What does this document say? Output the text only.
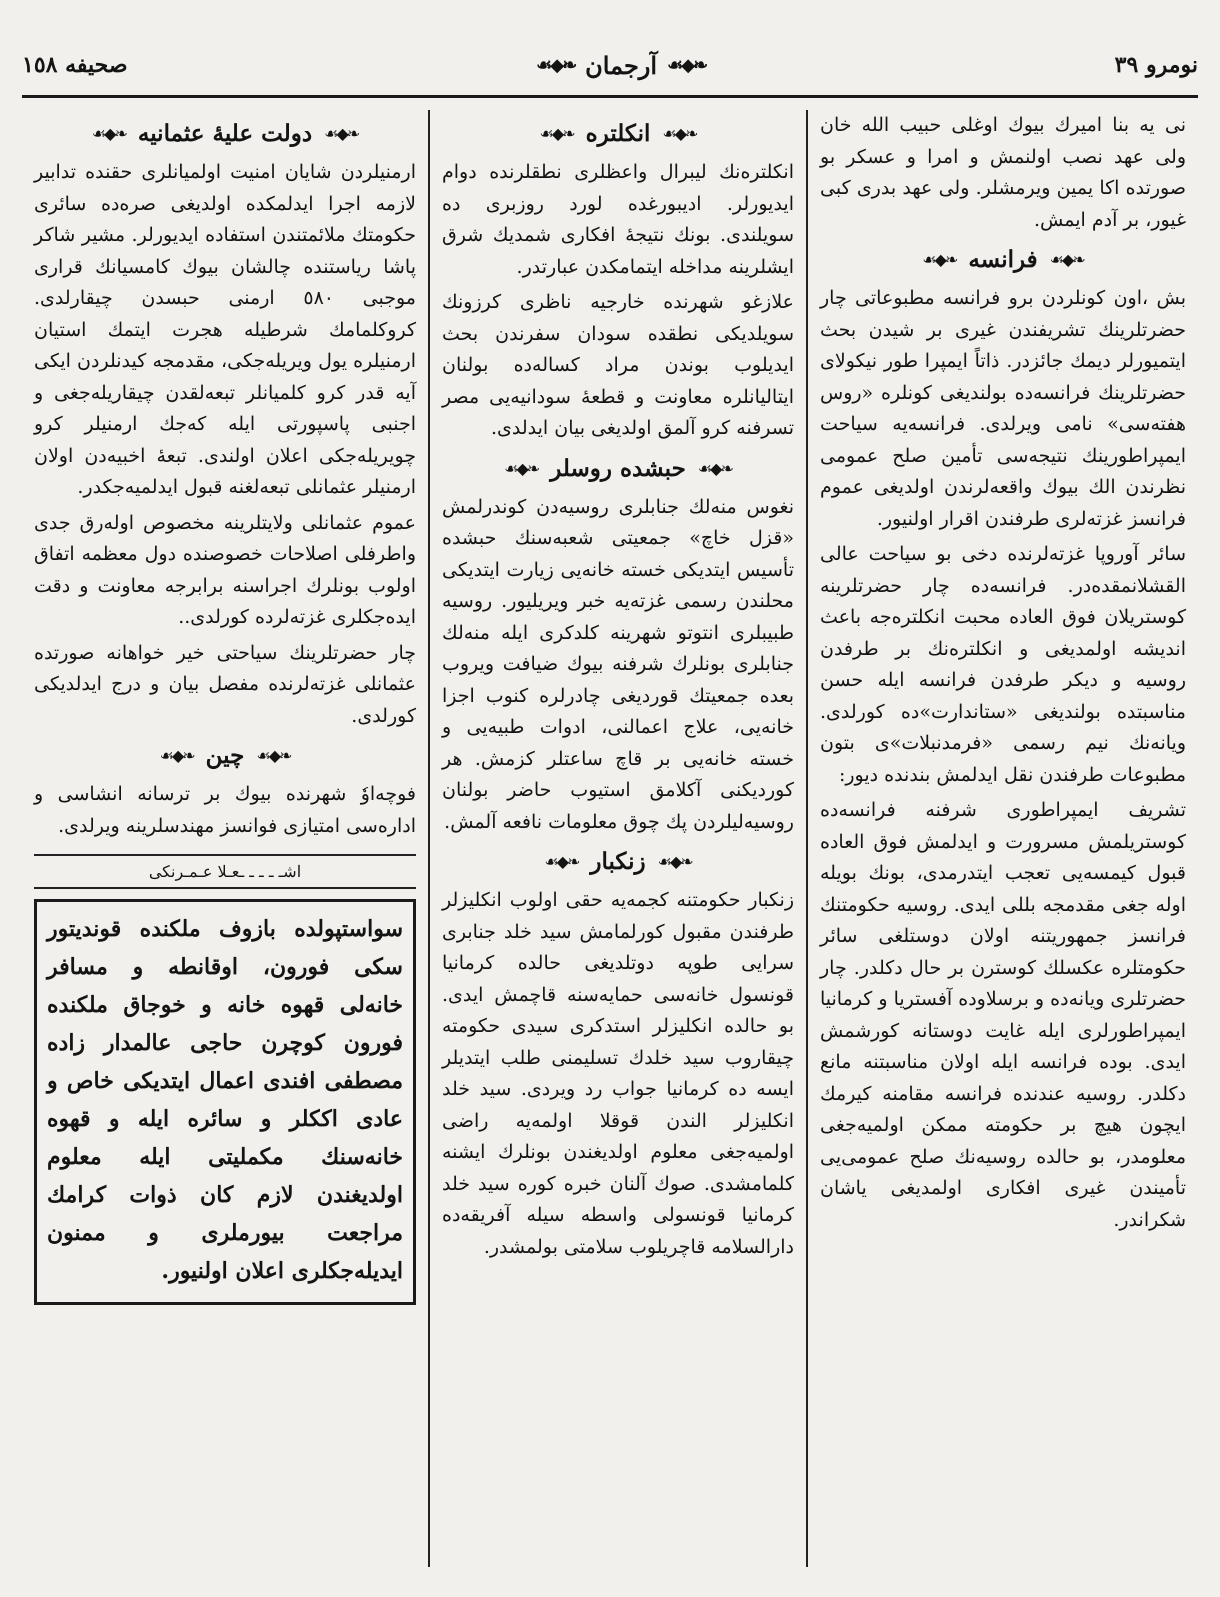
نومرو ٣٩
❧◆☙
آرجمان
❧◆☙
صحيفه ١٥٨

نی یه بنا امیرك بیوك اوغلی حبیب الله خان ولی عهد نصب اولنمش و امرا و عسكر بو صورتده اكا یمین ویرمشلر. ولی عهد بدری كبی غیور، بر آدم ایمش.

❧◆☙
فرانسه
❧◆☙

بش ،اون كونلردن برو فرانسه مطبوعاتی چار حضرتلرینك تشریفندن غیری بر شیدن بحث ایتمیورلر دیمك جائزدر. ذاتاً ایمپرا طور نیكولای حضرتلرینك فرانسه‌ده بولندیغی كونلره «روس هفته‌سی» نامی ویرلدی. فرانسه‌یه سیاحت ایمپراطورینك نتیجه‌سی تأمین صلح عمومی نظرندن الك بیوك واقعه‌لرندن اولدیغی عموم فرانسز غزته‌لری طرفندن اقرار اولنیور.

سائر آوروپا غزته‌لرنده دخی بو سیاحت عالی القشلانمقده‌در. فرانسه‌ده چار حضرتلرینه كوستریلان فوق العاده محبت انكلتره‌جه باعث اندیشه اولمدیغی و انكلتره‌نك بر طرفدن روسیه و دیكر طرفدن فرانسه ایله حسن مناسبتده بولندیغی «ستاندارت»ده كورلدی. ویانه‌نك نیم رسمی «فرمدنبلات»ی بتون مطبوعات طرفندن نقل ایدلمش بندنده دیور:

تشریف ایمپراطوری شرفنه فرانسه‌ده كوستریلمش مسرورت و ایدلمش فوق العاده قبول كیمسه‌یی تعجب ایتدرمدی، بونك بویله اوله جغی مقدمجه بللی ایدی. روسیه حكومتنك فرانسز جمهوریتنه اولان دوستلغی سائر حكومتلره عكسلك كوسترن بر حال دكلدر. چار حضرتلری ویانه‌ده و برسلاوده آفستریا و كرمانیا ایمپراطورلری ایله غایت دوستانه كورشمش ایدی. بوده فرانسه ایله اولان مناسبتنه مانع دكلدر. روسیه عندنده فرانسه مقامنه كیرمك ایچون هیچ بر حكومته ممكن اولمیه‌جغی معلومدر، بو حالده روسیه‌نك صلح عمومی‌یی تأمیندن غیری افكاری اولمدیغی یاشان شكراندر.

❧◆☙
انكلتره
❧◆☙

انكلتره‌نك لیبرال واعظلری نطقلرنده دوام ایدیورلر. ادیبورغده لورد روزبری ده سویلندی. بونك نتیجهٔ افكاری شمدیك شرق ایشلرینه مداخله ایتمامكدن عبارتدر.

علازغو شهرنده خارجیه ناظری كرزونك سویلدیكی نطقده سودان سفرندن بحث ایدیلوب بوندن مراد كساله‌ده بولنان ایتالیانلره معاونت و قطعهٔ سودانیه‌یی مصر تسرفنه كرو آلمق اولدیغی بیان ایدلدی.

❧◆☙
حبشده روسلر
❧◆☙

نغوس منه‌لك جنابلری روسیه‌دن كوندرلمش «قزل خاچ» جمعیتی شعبه‌سنك حبشده تأسیس ایتدیكی خسته خانه‌یی زیارت ایتدیكی محلندن رسمی غزته‌یه خبر ویریلیور. روسیه طبیبلری انتوتو شهرینه كلدكری ایله منه‌لك جنابلری بونلرك شرفنه بیوك ضیافت ویروب بعده جمعیتك قوردیغی چادرلره كنوب اجزا خانه‌یی، علاج اعمالنی، ادوات طبیه‌یی و خسته خانه‌یی بر قاچ ساعتلر كزمش. هر كوردیكنی آكلامق استیوب حاضر بولنان روسیه‌لیلردن پك چوق معلومات نافعه آلمش.

❧◆☙
زنكبار
❧◆☙

زنكبار حكومتنه كجمه‌یه حقی اولوب انكلیزلر طرفندن مقبول كورلمامش سید خلد جنابری سرایی طوپه دوتلدیغی حالده كرمانیا قونسول خانه‌سی حمایه‌سنه قاچمش ایدی. بو حالده انكلیزلر استدكری سیدی حكومته چیقاروب سید خلدك تسلیمنی طلب ایتدیلر ایسه ده كرمانیا جواب رد ویردی. سید خلد انكلیزلر الندن قوقلا اولمه‌یه راضی اولمیه‌جغی معلوم اولدیغندن بونلرك ایشنه كلمامشدی. صوك آلنان خبره كوره سید خلد كرمانیا قونسولی واسطه سیله آفریقه‌ده دارالسلامه قاچریلوب سلامتی بولمشدر.

❧◆☙
دولت علیهٔ عثمانیه
❧◆☙

ارمنیلردن شایان امنیت اولمیانلری حقنده تدابیر لازمه اجرا ایدلمكده اولدیغی صره‌ده سائری حكومتك ملائمتندن استفاده ایدیورلر. مشیر شاكر پاشا ریاستنده چالشان بیوك كامسیانك قراری موجبی ٥٨٠ ارمنی حبسدن چیقارلدی. كروكلمامك شرطیله هجرت ایتمك استیان ارمنیلره یول ویریله‌جكی، مقدمجه كیدنلردن ایكی آیه قدر كرو كلمیانلر تبعه‌لقدن چیقاریله‌جغی و اجنبی پاسپورتی ایله كه‌جك ارمنیلر كرو چویریله‌جكی اعلان اولندی. تبعهٔ اخبیه‌دن اولان ارمنیلر عثمانلی تبعه‌لغنه قبول ایدلمیه‌جكدر.

عموم عثمانلی ولایتلرینه مخصوص اوله‌رق جدی واطرفلی اصلاحات خصوصنده دول معظمه اتفاق اولوب بونلرك اجراسنه برابرجه معاونت و دقت ایده‌جكلری غزته‌لرده كورلدی..

چار حضرتلرینك سیاحتی خیر خواهانه صورتده عثمانلی غزته‌لرنده مفصل بیان و درج ایدلدیكی كورلدی.

❧◆☙
چین
❧◆☙

فوچه‌اوٗ شهرنده بیوك بر ترسانه انشاسی و اداره‌سی امتیازی فوانسز مهندسلرینه ویرلدی.

اشـ ـ ـ ـ ـعـلا عـمـرنكی

سواستپولده بازوف ملكنده قوندیتور سكی فورون، اوقانطه و مسافر خانه‌لی قهوه خانه و خوجاق ملكنده فورون كوچرن حاجی عالمدار زاده مصطفی افندی اعمال ایتدیكی خاص و عادی اككلر و سائره ایله و قهوه خانه‌سنك مكملیتی ایله معلوم اولدیغندن لازم كان ذوات كرامك مراجعت بیورملری و ممنون ایدیله‌جكلری اعلان اولنیور.
